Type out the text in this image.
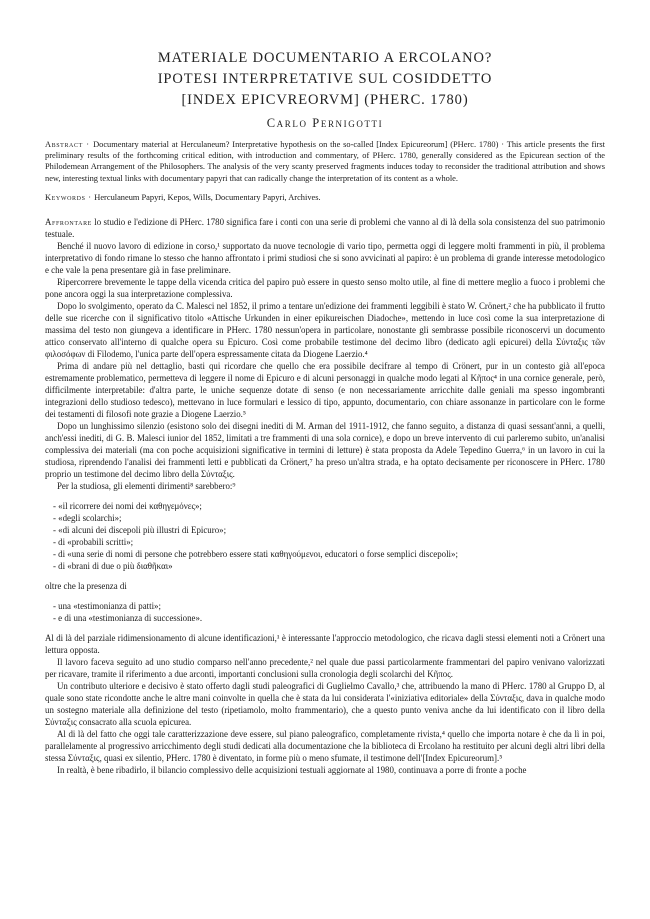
MATERIALE DOCUMENTARIO A ERCOLANO?
IPOTESI INTERPRETATIVE SUL COSIDDETTO
[INDEX EPICVREORVM] (PHERC. 1780)
Carlo Pernigotti
Abstract · Documentary material at Herculaneum? Interpretative hypothesis on the so-called [Index Epicureorum] (PHerc. 1780) · This article presents the first preliminary results of the forthcoming critical edition, with introduction and commentary, of PHerc. 1780, generally considered as the Epicurean section of the Philodemean Arrangement of the Philosophers. The analysis of the very scanty preserved fragments induces today to reconsider the traditional attribution and shows new, interesting textual links with documentary papyri that can radically change the interpretation of its content as a whole.
Keywords · Herculaneum Papyri, Kepos, Wills, Documentary Papyri, Archives.

Affrontare lo studio e l'edizione di PHerc. 1780 significa fare i conti con una serie di problemi che vanno al di là della sola consistenza del suo patrimonio testuale.

Benché il nuovo lavoro di edizione in corso,¹ supportato da nuove tecnologie di vario tipo, permetta oggi di leggere molti frammenti in più, il problema interpretativo di fondo rimane lo stesso che hanno affrontato i primi studiosi che si sono avvicinati al papiro: è un problema di grande interesse metodologico e che vale la pena presentare già in fase preliminare.

Ripercorrere brevemente le tappe della vicenda critica del papiro può essere in questo senso molto utile, al fine di mettere meglio a fuoco i problemi che pone ancora oggi la sua interpretazione complessiva.

Dopo lo svolgimento, operato da C. Malesci nel 1852, il primo a tentare un'edizione dei frammenti leggibili è stato W. Crönert,² che ha pubblicato il frutto delle sue ricerche con il significativo titolo «Attische Urkunden in einer epikureischen Diadoche», mettendo in luce così come la sua interpretazione di massima del testo non giungeva a identificare in PHerc. 1780 nessun'opera in particolare, nonostante gli sembrasse possibile riconoscervi un documento attico conservato all'interno di qualche opera su Epicuro. Così come probabile testimone del decimo libro (dedicato agli epicurei) della Σύνταξις τῶν φιλοσόφων di Filodemo, l'unica parte dell'opera espressamente citata da Diogene Laerzio.⁴

Prima di andare più nel dettaglio, basti qui ricordare che quello che era possibile decifrare al tempo di Crönert, pur in un contesto già all'epoca estremamente problematico, permetteva di leggere il nome di Epicuro e di alcuni personaggi in qualche modo legati al Κῆπος⁴ in una cornice generale, però, difficilmente interpretabile: d'altra parte, le uniche sequenze dotate di senso (e non necessariamente arricchite dalle geniali ma spesso ingombranti integrazioni dello studioso tedesco), mettevano in luce formulari e lessico di tipo, appunto, documentario, con chiare assonanze in particolare con le forme dei testamenti di filosofi note grazie a Diogene Laerzio.⁵

Dopo un lunghissimo silenzio (esistono solo dei disegni inediti di M. Arman del 1911-1912, che fanno seguito, a distanza di quasi sessant'anni, a quelli, anch'essi inediti, di G. B. Malesci iunior del 1852, limitati a tre frammenti di una sola cornice), e dopo un breve intervento di cui parleremo subito, un'analisi complessiva dei materiali (ma con poche acquisizioni significative in termini di letture) è stata proposta da Adele Tepedino Guerra,⁶ in un lavoro in cui la studiosa, riprendendo l'analisi dei frammenti letti e pubblicati da Crönert,⁷ ha preso un'altra strada, e ha optato decisamente per riconoscere in PHerc. 1780 proprio un testimone del decimo libro della Σύνταξις.

Per la studiosa, gli elementi dirimenti⁸ sarebbero:⁹

- «il ricorrere dei nomi dei καθηγεμόνες»;
- «degli scolarchi»;
- «di alcuni dei discepoli più illustri di Epicuro»;
- di «probabili scritti»;
- di «una serie di nomi di persone che potrebbero essere stati καθηγούμενοι, educatori o forse semplici discepoli»;
- di «brani di due o più διαθῆκαι»

oltre che la presenza di

- una «testimonianza di patti»;
- e di una «testimonianza di successione».

Al di là del parziale ridimensionamento di alcune identificazioni,¹ è interessante l'approccio metodologico, che ricava dagli stessi elementi noti a Crönert una lettura opposta.

Il lavoro faceva seguito ad uno studio comparso nell'anno precedente,² nel quale due passi particolarmente frammentari del papiro venivano valorizzati per ricavare, tramite il riferimento a due arconti, importanti conclusioni sulla cronologia degli scolarchi del Κῆπος.

Un contributo ulteriore e decisivo è stato offerto dagli studi paleografici di Guglielmo Cavallo,³ che, attribuendo la mano di PHerc. 1780 al Gruppo D, al quale sono state ricondotte anche le altre mani coinvolte in quella che è stata da lui considerata l'«iniziativa editoriale» della Σύνταξις, dava in qualche modo un sostegno materiale alla definizione del testo (ripetiamolo, molto frammentario), che a questo punto veniva anche da lui identificato con il libro della Σύνταξις consacrato alla scuola epicurea.

Al di là del fatto che oggi tale caratterizzazione deve essere, sul piano paleografico, completamente rivista,⁴ quello che importa notare è che da lì in poi, parallelamente al progressivo arricchimento degli studi dedicati alla documentazione che la biblioteca di Ercolano ha restituito per alcuni degli altri libri della stessa Σύνταξις, quasi ex silentio, PHerc. 1780 è diventato, in forme più o meno sfumate, il testimone dell'[Index Epicureorum].⁵

In realtà, è bene ribadirlo, il bilancio complessivo delle acquisizioni testuali aggiornate al 1980, continuava a porre di fronte a poche
